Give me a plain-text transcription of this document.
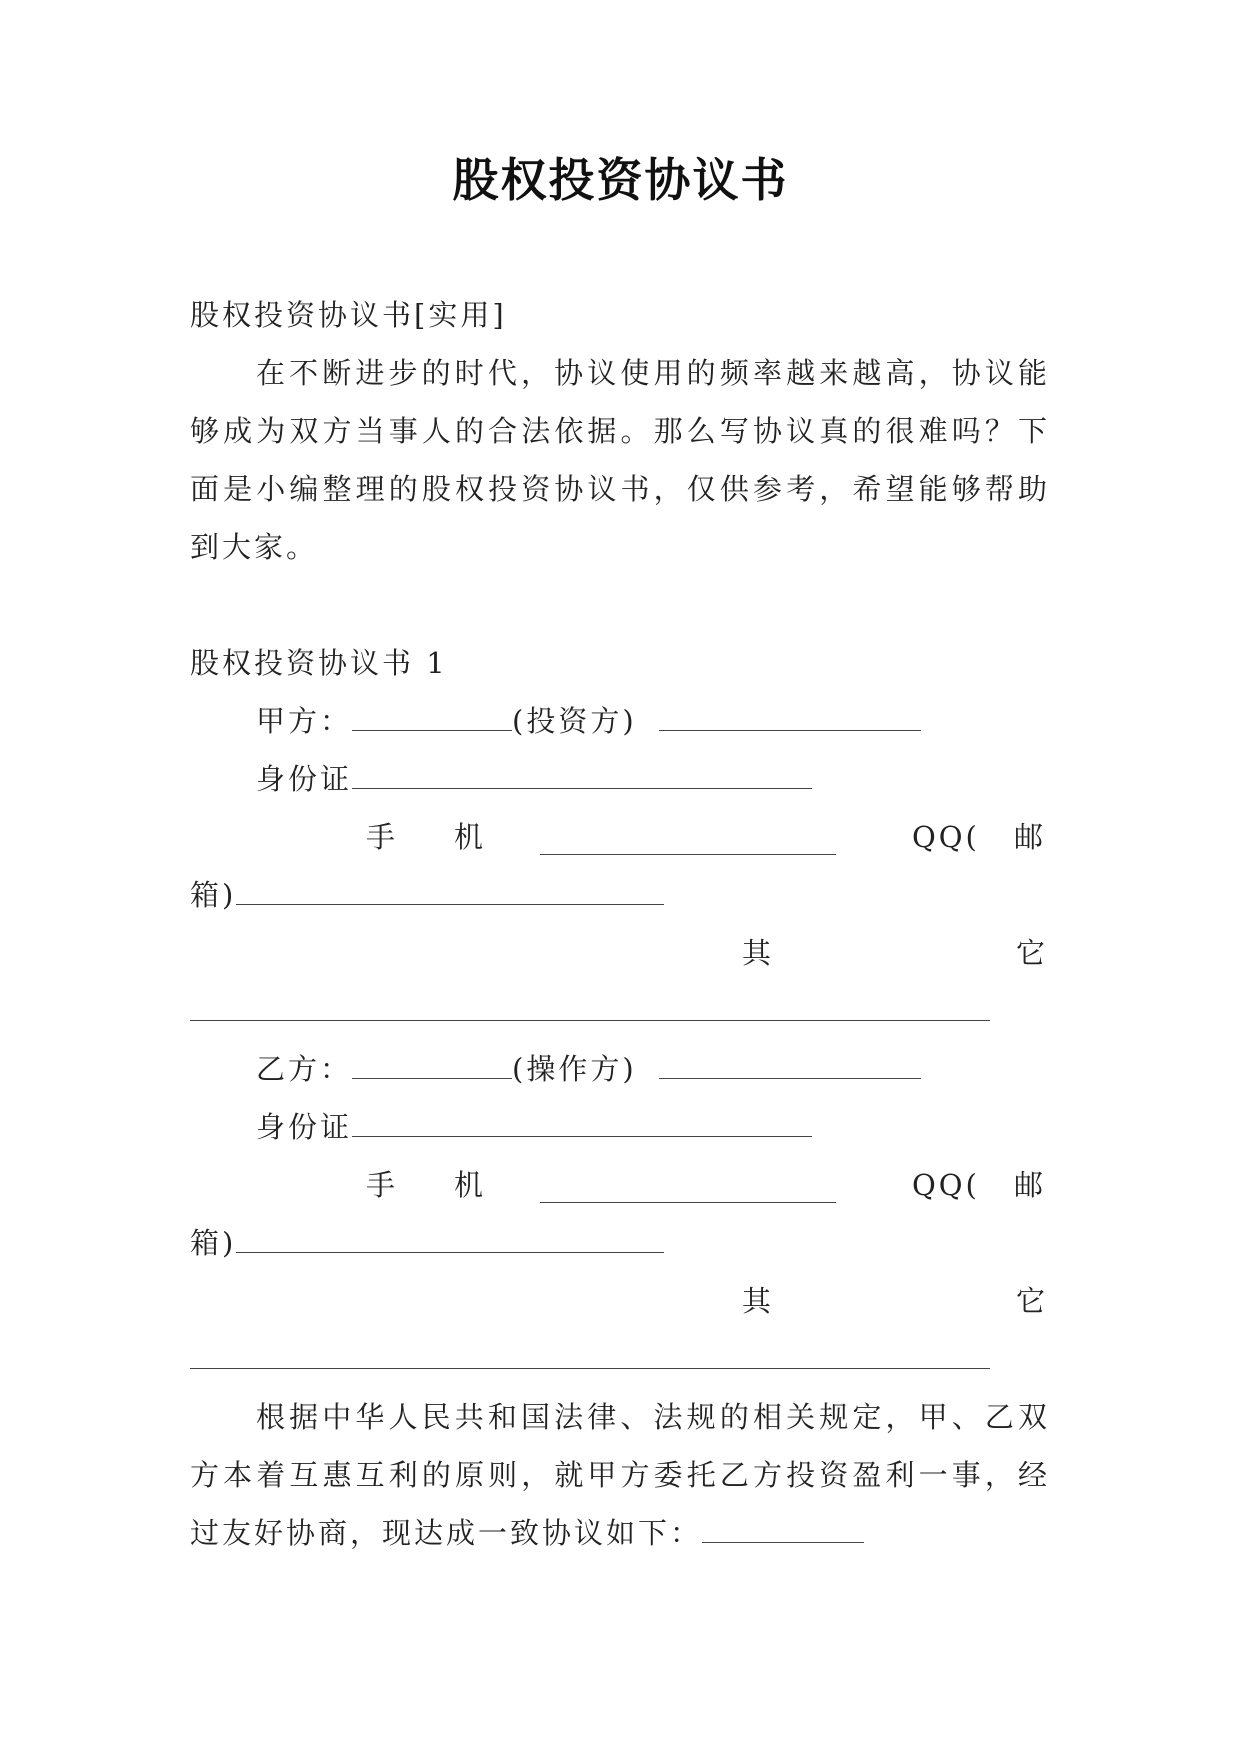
股权投资协议书
股权投资协议书[实用]
在不断进步的时代，协议使用的频率越来越高，协议能够成为双方当事人的合法依据。那么写协议真的很难吗？下面是小编整理的股权投资协议书，仅供参考，希望能够帮助到大家。
股权投资协议书 1
甲方：	(投资方)
身份证
手 机	QQ( 邮
箱)
其	它
乙方：	(操作方)
身份证
手 机	QQ( 邮
箱)
其	它
根据中华人民共和国法律、法规的相关规定，甲、乙双方本着互惠互利的原则，就甲方委托乙方投资盈利一事，经过友好协商，现达成一致协议如下：
